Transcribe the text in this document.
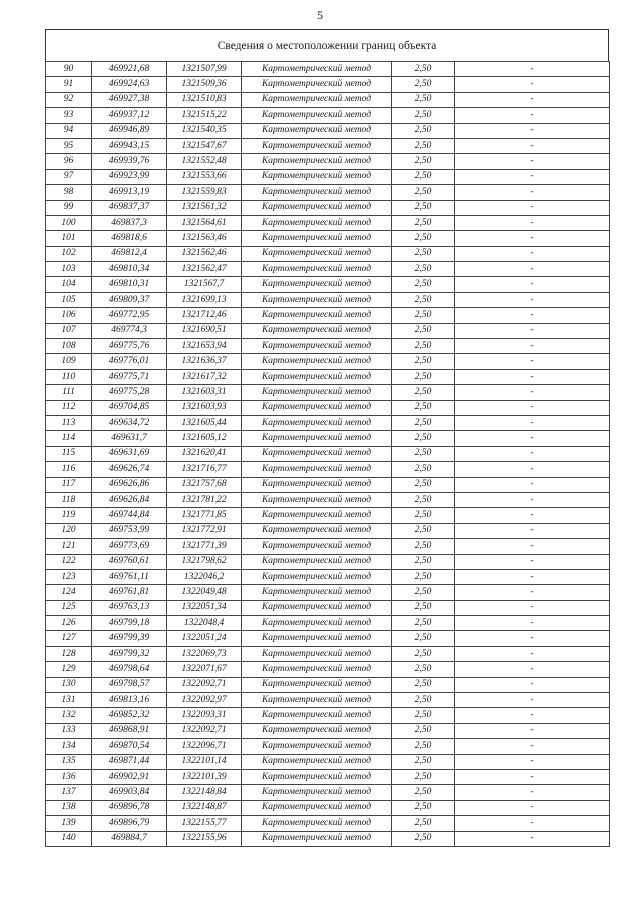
5
Сведения о местоположении границ объекта
90	469921,68	1321507,99	Картометрический метод	2,50	-
91	469924,63	1321509,36	Картометрический метод	2,50	-
92	469927,38	1321510,83	Картометрический метод	2,50	-
93	469937,12	1321515,22	Картометрический метод	2,50	-
94	469946,89	1321540,35	Картометрический метод	2,50	-
95	469943,15	1321547,67	Картометрический метод	2,50	-
96	469939,76	1321552,48	Картометрический метод	2,50	-
97	469923,99	1321553,66	Картометрический метод	2,50	-
98	469913,19	1321559,83	Картометрический метод	2,50	-
99	469837,37	1321561,32	Картометрический метод	2,50	-
100	469837,3	1321564,61	Картометрический метод	2,50	-
101	469818,6	1321563,46	Картометрический метод	2,50	-
102	469812,4	1321562,46	Картометрический метод	2,50	-
103	469810,34	1321562,47	Картометрический метод	2,50	-
104	469810,31	1321567,7	Картометрический метод	2,50	-
105	469809,37	1321699,13	Картометрический метод	2,50	-
106	469772,95	1321712,46	Картометрический метод	2,50	-
107	469774,3	1321690,51	Картометрический метод	2,50	-
108	469775,76	1321653,94	Картометрический метод	2,50	-
109	469776,01	1321636,37	Картометрический метод	2,50	-
110	469775,71	1321617,32	Картометрический метод	2,50	-
111	469775,28	1321603,31	Картометрический метод	2,50	-
112	469704,85	1321603,93	Картометрический метод	2,50	-
113	469634,72	1321605,44	Картометрический метод	2,50	-
114	469631,7	1321605,12	Картометрический метод	2,50	-
115	469631,69	1321620,41	Картометрический метод	2,50	-
116	469626,74	1321716,77	Картометрический метод	2,50	-
117	469626,86	1321757,68	Картометрический метод	2,50	-
118	469626,84	1321781,22	Картометрический метод	2,50	-
119	469744,84	1321771,85	Картометрический метод	2,50	-
120	469753,99	1321772,91	Картометрический метод	2,50	-
121	469773,69	1321771,39	Картометрический метод	2,50	-
122	469760,61	1321798,62	Картометрический метод	2,50	-
123	469761,11	1322046,2	Картометрический метод	2,50	-
124	469761,81	1322049,48	Картометрический метод	2,50	-
125	469763,13	1322051,34	Картометрический метод	2,50	-
126	469799,18	1322048,4	Картометрический метод	2,50	-
127	469799,39	1322051,24	Картометрический метод	2,50	-
128	469799,32	1322069,73	Картометрический метод	2,50	-
129	469798,64	1322071,67	Картометрический метод	2,50	-
130	469798,57	1322092,71	Картометрический метод	2,50	-
131	469813,16	1322092,97	Картометрический метод	2,50	-
132	469852,32	1322093,31	Картометрический метод	2,50	-
133	469868,91	1322092,71	Картометрический метод	2,50	-
134	469870,54	1322096,71	Картометрический метод	2,50	-
135	469871,44	1322101,14	Картометрический метод	2,50	-
136	469902,91	1322101,39	Картометрический метод	2,50	-
137	469903,84	1322148,84	Картометрический метод	2,50	-
138	469896,78	1322148,87	Картометрический метод	2,50	-
139	469896,79	1322155,77	Картометрический метод	2,50	-
140	469884,7	1322155,96	Картометрический метод	2,50	-
